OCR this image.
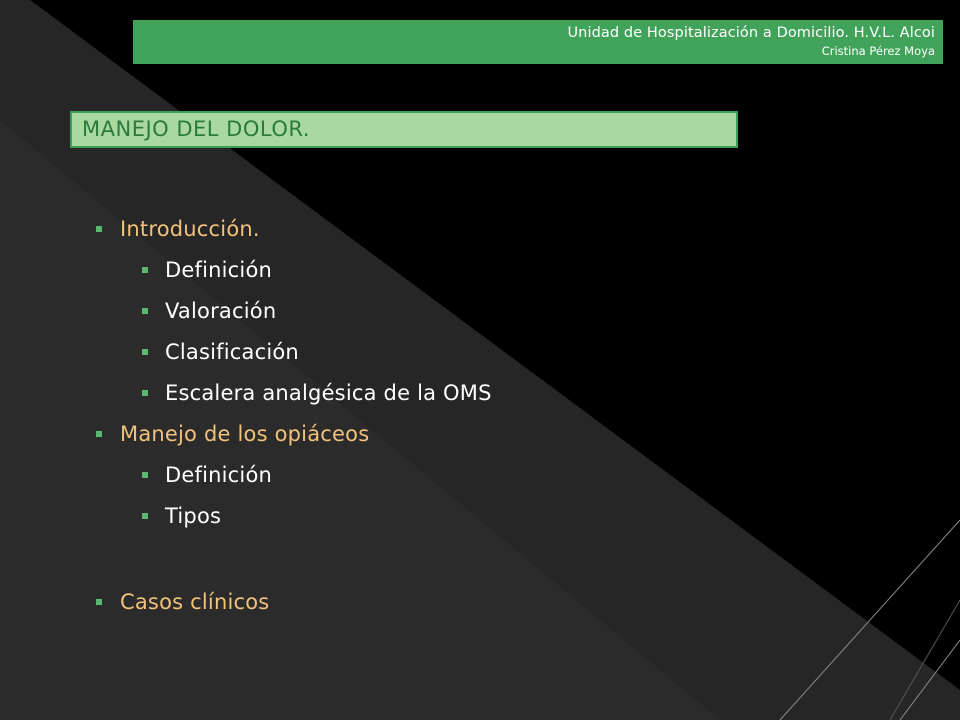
Unidad de Hospitalización a Domicilio. H.V.L. Alcoi
Cristina Pérez Moya
MANEJO DEL DOLOR.
Introducción.
Definición
Valoración
Clasificación
Escalera analgésica de la OMS
Manejo de los opiáceos
Definición
Tipos
Casos clínicos
